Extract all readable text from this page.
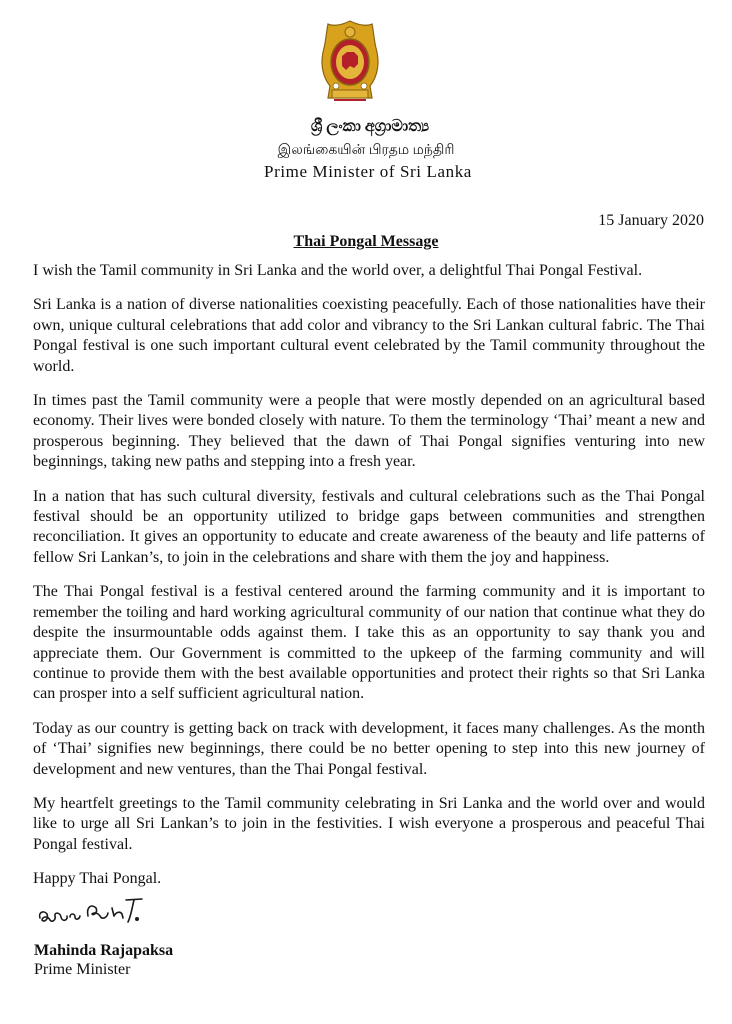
ශ්‍රී ලංකා අග්‍රාමාත්‍ය
இலங்கையின் பிரதம மந்திரி
Prime Minister of Sri Lanka
15 January 2020
Thai Pongal Message

I wish the Tamil community in Sri Lanka and the world over, a delightful Thai Pongal Festival.

Sri Lanka is a nation of diverse nationalities coexisting peacefully. Each of those nationalities have their own, unique cultural celebrations that add color and vibrancy to the Sri Lankan cultural fabric. The Thai Pongal festival is one such important cultural event celebrated by the Tamil community throughout the world.

In times past the Tamil community were a people that were mostly depended on an agricultural based economy. Their lives were bonded closely with nature. To them the terminology ‘Thai’ meant a new and prosperous beginning. They believed that the dawn of Thai Pongal signifies venturing into new beginnings, taking new paths and stepping into a fresh year.

In a nation that has such cultural diversity, festivals and cultural celebrations such as the Thai Pongal festival should be an opportunity utilized to bridge gaps between communities and strengthen reconciliation. It gives an opportunity to educate and create awareness of the beauty and life patterns of fellow Sri Lankan’s, to join in the celebrations and share with them the joy and happiness.

The Thai Pongal festival is a festival centered around the farming community and it is important to remember the toiling and hard working agricultural community of our nation that continue what they do despite the insurmountable odds against them. I take this as an opportunity to say thank you and appreciate them. Our Government is committed to the upkeep of the farming community and will continue to provide them with the best available opportunities and protect their rights so that Sri Lanka can prosper into a self sufficient agricultural nation.

Today as our country is getting back on track with development, it faces many challenges. As the month of ‘Thai’ signifies new beginnings, there could be no better opening to step into this new journey of development and new ventures, than the Thai Pongal festival.

My heartfelt greetings to the Tamil community celebrating in Sri Lanka and the world over and would like to urge all Sri Lankan’s to join in the festivities. I wish everyone a prosperous and peaceful Thai Pongal festival.

Happy Thai Pongal.

Mahinda Rajapaksa
Prime Minister
